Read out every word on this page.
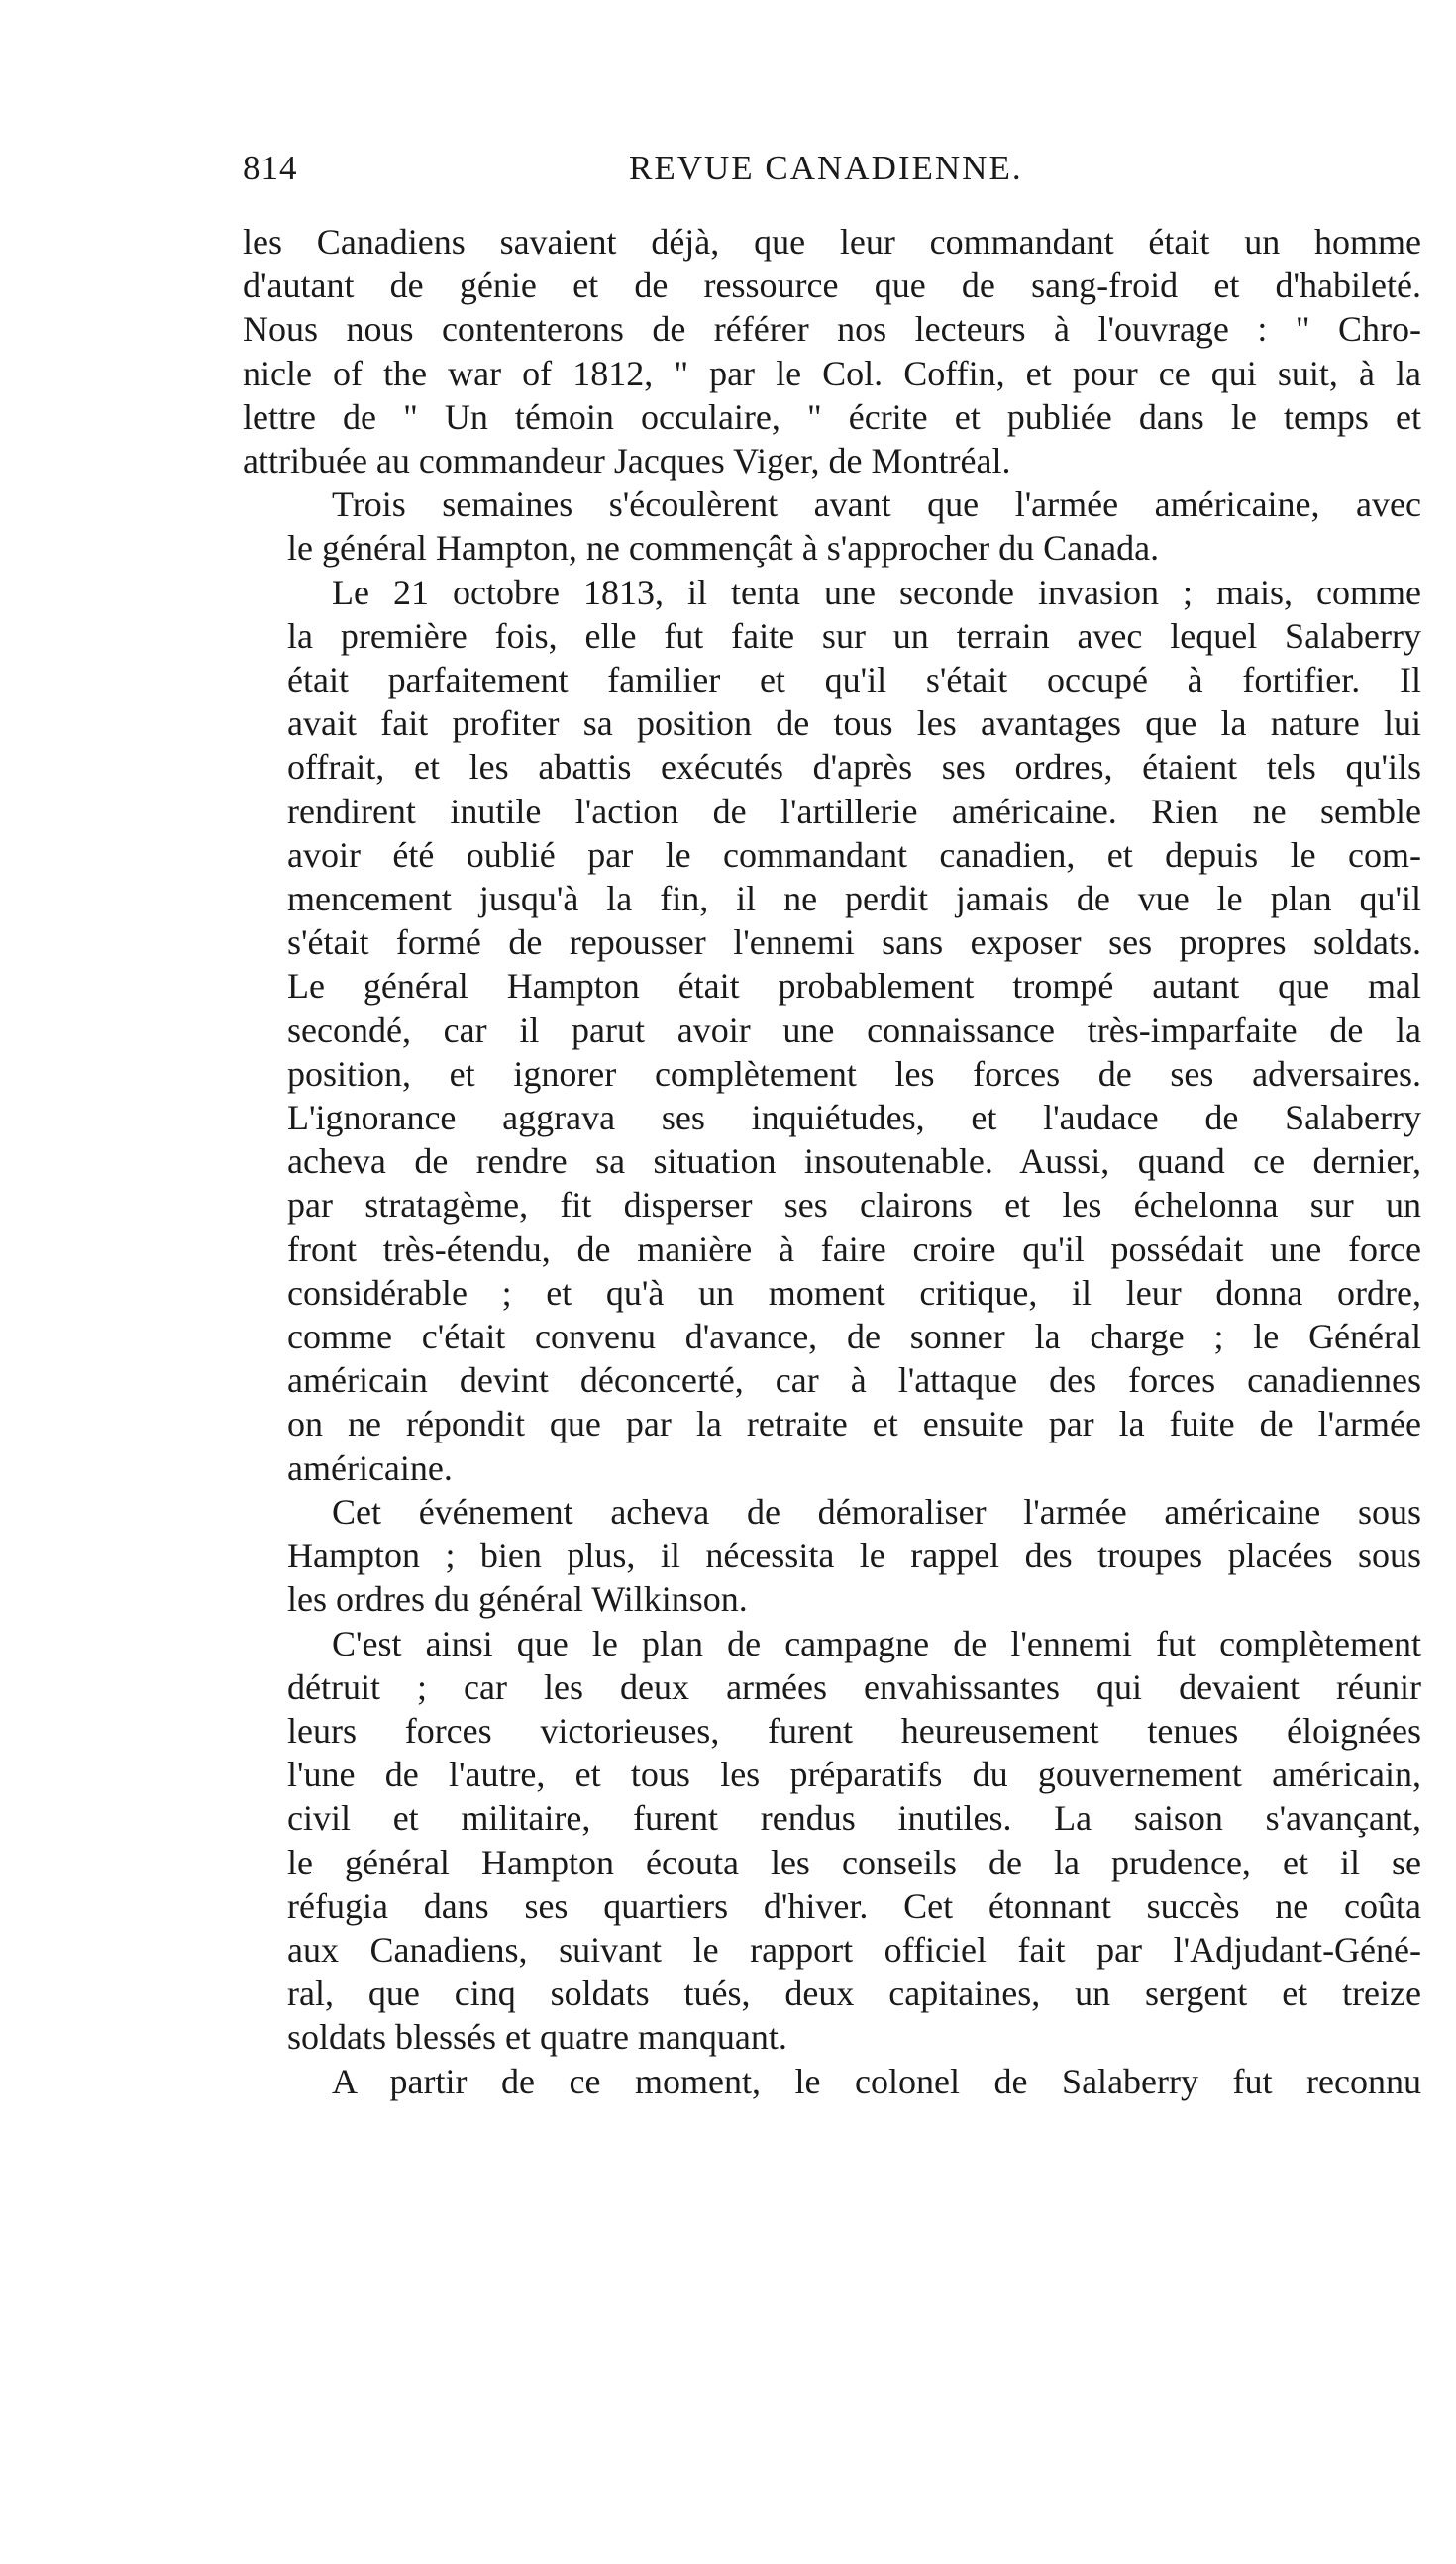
814	REVUE CANADIENNE.
les Canadiens savaient déjà, que leur commandant était un homme
d'autant de génie et de ressource que de sang-froid et d'habileté.
Nous nous contenterons de référer nos lecteurs à l'ouvrage : " Chro-
nicle of the war of 1812, " par le Col. Coffin, et pour ce qui suit, à la
lettre de " Un témoin occulaire, " écrite et publiée dans le temps et
attribuée au commandeur Jacques Viger, de Montréal.
Trois semaines s'écoulèrent avant que l'armée américaine, avec
le général Hampton, ne commençât à s'approcher du Canada.
Le 21 octobre 1813, il tenta une seconde invasion ; mais, comme
la première fois, elle fut faite sur un terrain avec lequel Salaberry
était parfaitement familier et qu'il s'était occupé à fortifier. Il
avait fait profiter sa position de tous les avantages que la nature lui
offrait, et les abattis exécutés d'après ses ordres, étaient tels qu'ils
rendirent inutile l'action de l'artillerie américaine. Rien ne semble
avoir été oublié par le commandant canadien, et depuis le com-
mencement jusqu'à la fin, il ne perdit jamais de vue le plan qu'il
s'était formé de repousser l'ennemi sans exposer ses propres soldats.
Le général Hampton était probablement trompé autant que mal
secondé, car il parut avoir une connaissance très-imparfaite de la
position, et ignorer complètement les forces de ses adversaires.
L'ignorance aggrava ses inquiétudes, et l'audace de Salaberry
acheva de rendre sa situation insoutenable. Aussi, quand ce dernier,
par stratagème, fit disperser ses clairons et les échelonna sur un
front très-étendu, de manière à faire croire qu'il possédait une force
considérable ; et qu'à un moment critique, il leur donna ordre,
comme c'était convenu d'avance, de sonner la charge ; le Général
américain devint déconcerté, car à l'attaque des forces canadiennes
on ne répondit que par la retraite et ensuite par la fuite de l'armée
américaine.
Cet événement acheva de démoraliser l'armée américaine sous
Hampton ; bien plus, il nécessita le rappel des troupes placées sous
les ordres du général Wilkinson.
C'est ainsi que le plan de campagne de l'ennemi fut complètement
détruit ; car les deux armées envahissantes qui devaient réunir
leurs forces victorieuses, furent heureusement tenues éloignées
l'une de l'autre, et tous les préparatifs du gouvernement américain,
civil et militaire, furent rendus inutiles. La saison s'avançant,
le général Hampton écouta les conseils de la prudence, et il se
réfugia dans ses quartiers d'hiver. Cet étonnant succès ne coûta
aux Canadiens, suivant le rapport officiel fait par l'Adjudant-Géné-
ral, que cinq soldats tués, deux capitaines, un sergent et treize
soldats blessés et quatre manquant.
A partir de ce moment, le colonel de Salaberry fut reconnu
